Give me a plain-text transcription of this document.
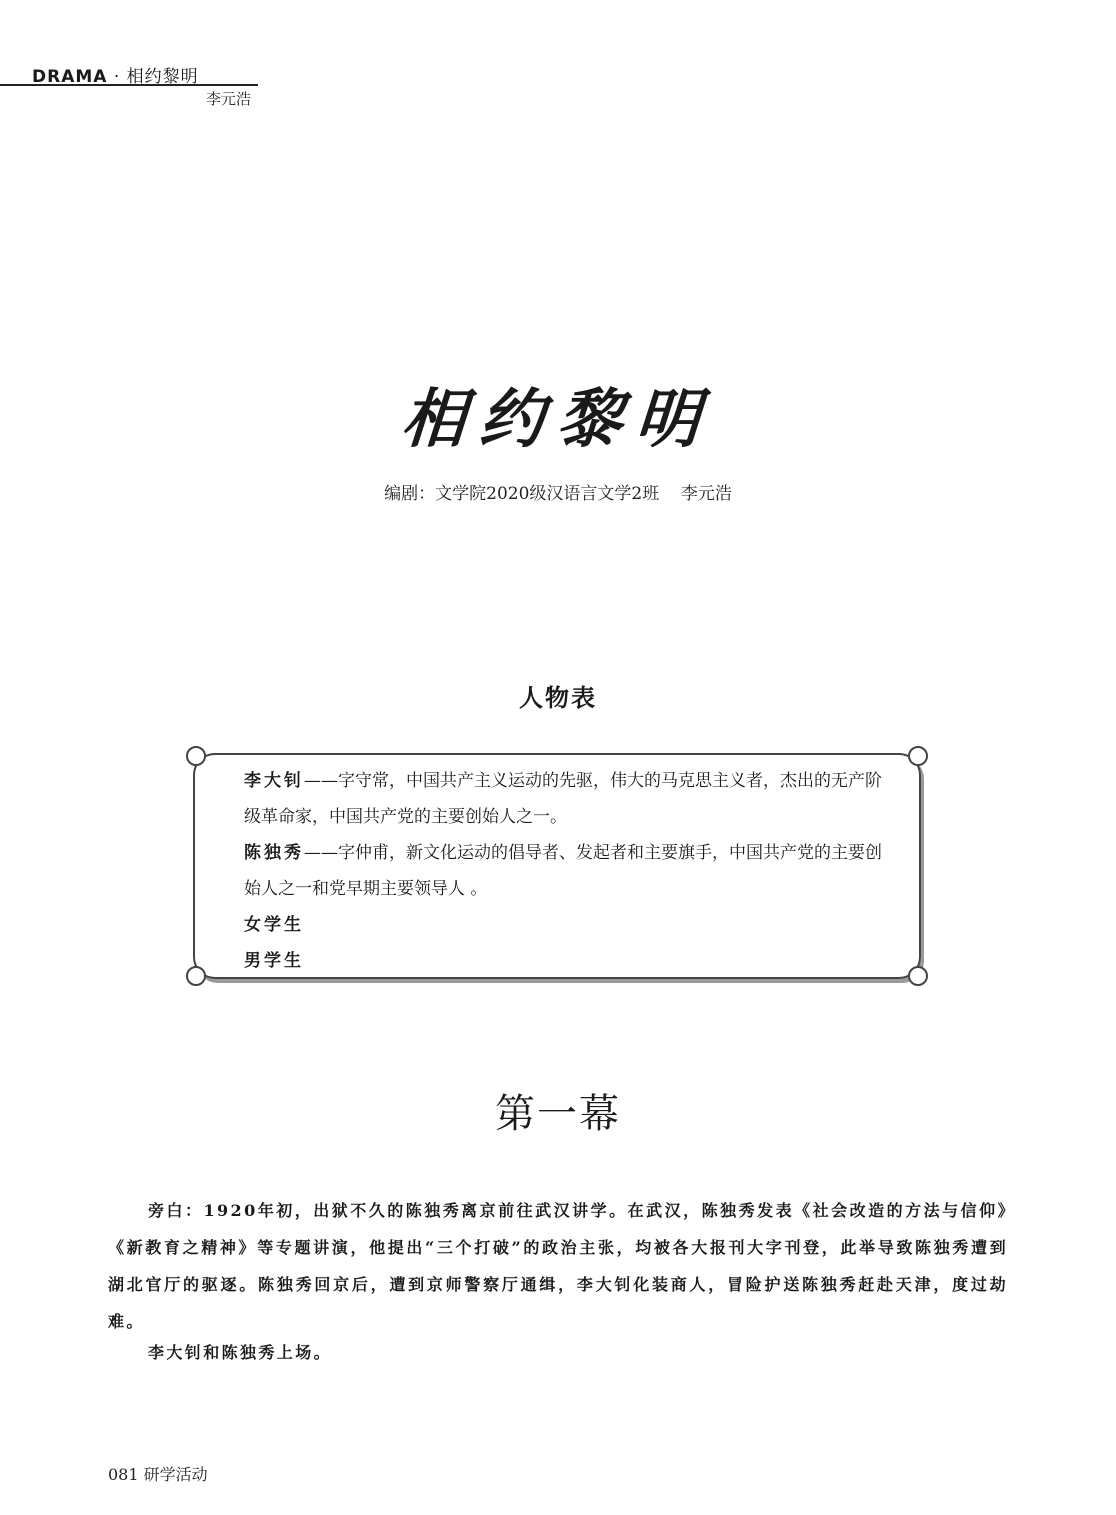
DRAMA · 相约黎明
李元浩
相约黎明
编剧：文学院2020级汉语言文学2班    李元浩
人物表
李大钊——字守常，中国共产主义运动的先驱，伟大的马克思主义者，杰出的无产阶级革命家，中国共产党的主要创始人之一。
陈独秀——字仲甫，新文化运动的倡导者、发起者和主要旗手，中国共产党的主要创始人之一和党早期主要领导人 。
女学生
男学生
第一幕

旁白：1920年初，出狱不久的陈独秀离京前往武汉讲学。在武汉，陈独秀发表《社会改造的方法与信仰》《新教育之精神》等专题讲演，他提出“三个打破”的政治主张，均被各大报刊大字刊登，此举导致陈独秀遭到湖北官厅的驱逐。陈独秀回京后，遭到京师警察厅通缉，李大钊化装商人，冒险护送陈独秀赶赴天津，度过劫难。

李大钊和陈独秀上场。

081 研学活动
